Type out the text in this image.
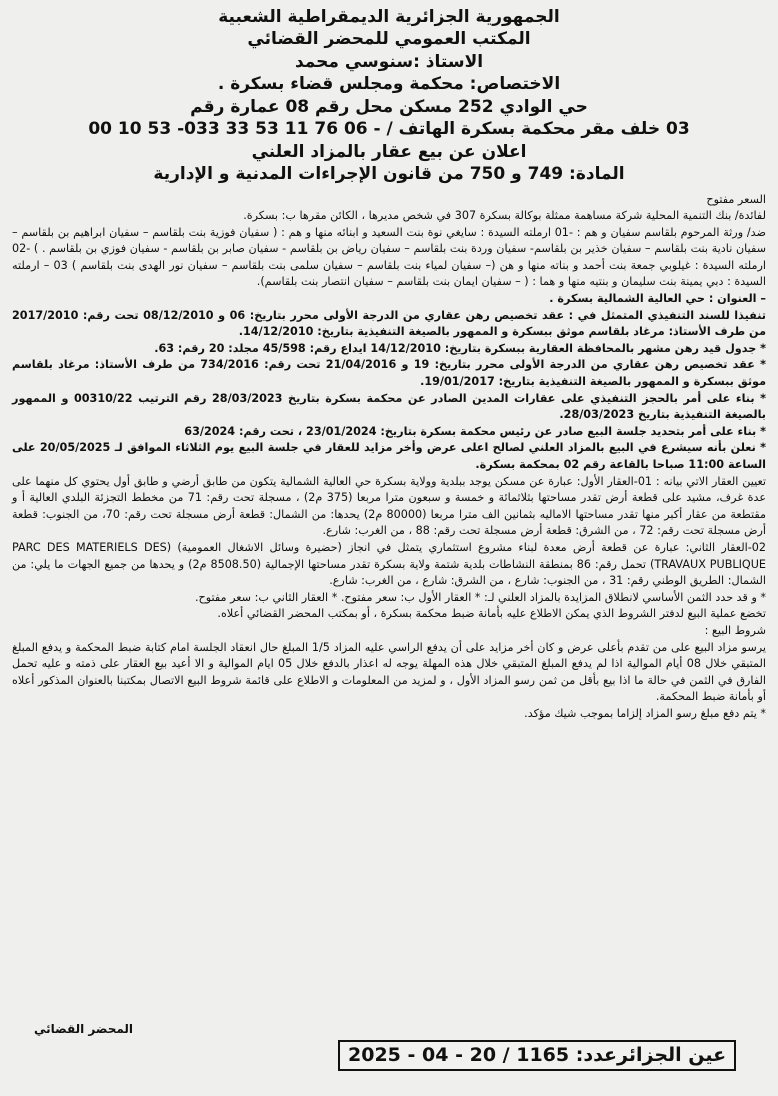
الجمهورية الجزائرية الديمقراطية الشعبية
المكتب العمومي للمحضر القضائي
الاستاذ :سنوسي محمد
الاختصاص: محكمة ومجلس قضاء بسكرة .
حي الوادي 252 مسكن محل رقم 08 عمارة رقم
03 خلف مقر محكمة بسكرة الهاتف / - 06 76 11 53 33 033- 53 10 00
اعلان عن بيع عقار بالمزاد العلني
المادة: 749 و 750 من قانون الإجراءات المدنية و الإدارية

السعر مفتوح

لفائدة/ بنك التنمية المحلية شركة مساهمة ممثلة بوكالة بسكرة 307 في شخص مديرها ، الكائن مقرها ب: بسكرة.

ضد/ ورثة المرحوم بلقاسم سفيان و هم : -01 ارملته السيدة : سايغي نوة بنت السعيد و ابنائه منها و هم : ( سفيان فوزية بنت بلقاسم – سفيان ابراهيم بن بلقاسم – سفيان نادية بنت بلقاسم – سفيان خذير بن بلقاسم- سفيان وردة بنت بلقاسم – سفيان رياض بن بلقاسم - سفيان صابر بن بلقاسم - سفيان فوزي بن بلقاسم . ) -02 ارملته السيدة : غيلوبي جمعة بنت أحمد و بناته منها و هن (– سفيان لمياء بنت بلقاسم – سفيان سلمى بنت بلقاسم – سفيان نور الهدى بنت بلقاسم ) 03 – ارملته السيدة : دبي يمينة بنت سليمان و بنتيه منها و هما : ( – سفيان ايمان بنت بلقاسم – سفيان انتصار بنت بلقاسم).

– العنوان : حي العالية الشمالية بسكرة .

تنفيذا للسند التنفيذي المتمثل في : عقد تخصيص رهن عقاري من الدرجة الأولى محرر بتاريخ: 06 و 08/12/2010 تحت رقم: 2017/2010 من طرف الأستاذ: مرغاد بلقاسم موثق ببسكرة و الممهور بالصيغة التنفيذية بتاريخ: 14/12/2010.

* جدول قيد رهن مشهر بالمحافظة العقارية ببسكرة بتاريخ: 14/12/2010 ايداع رقم: 45/598 مجلد: 20 رقم: 63.

* عقد تخصيص رهن عقاري من الدرجة الأولى محرر بتاريخ: 19 و 21/04/2016 تحت رقم: 734/2016 من طرف الأستاذ: مرغاد بلقاسم موثق ببسكرة و الممهور بالصيغة التنفيذية بتاريخ: 19/01/2017.

* بناء على أمر بالحجز التنفيذي على عقارات المدين الصادر عن محكمة بسكرة بتاريخ 28/03/2023 رقم الترتيب 00310/22 و الممهور بالصيغة التنفيذية بتاريخ 28/03/2023.

* بناء على أمر بتحديد جلسة البيع صادر عن رئيس محكمة بسكرة بتاريخ: 23/01/2024 ، تحت رقم: 63/2024

* نعلن بأنه سيشرع في البيع بالمزاد العلني لصالح اعلى عرض وأخر مزايد للعقار في جلسة البيع يوم الثلاثاء الموافق لـ 20/05/2025 على الساعة 11:00 صباحا بالقاعة رقم 02 بمحكمة بسكرة.

تعيين العقار الاتي بيانه : 01-العقار الأول: عبارة عن مسكن يوجد ببلدية وولاية بسكرة حي العالية الشمالية يتكون من طابق أرضي و طابق أول يحتوي كل منهما على عدة غرف، مشيد على قطعة أرض تقدر مساحتها بثلاثمائة و خمسة و سبعون مترا مربعا (375 م2) ، مسجلة تحت رقم: 71 من مخطط التجزئة البلدي العالية أ و مقتطعة من عقار أكبر منها تقدر مساحتها الاماليه بثمانين الف مترا مربعا (80000 م2) يحدها: من الشمال: قطعة أرض مسجلة تحت رقم: 70، من الجنوب: قطعة أرض مسجلة تحت رقم: 72 ، من الشرق: قطعة أرض مسجلة تحت رقم: 88 ، من الغرب: شارع.

02-العقار الثاني: عبارة عن قطعة أرض معدة لبناء مشروع استثماري يتمثل في انجاز (حضيرة وسائل الاشغال العمومية) (PARC DES MATERIELS DES TRAVAUX PUBLIQUE) تحمل رقم: 86 بمنطقة النشاطات بلدية شتمة ولاية بسكرة تقدر مساحتها الإجمالية (8508.50 م2) و يحدها من جميع الجهات ما يلي: من الشمال: الطريق الوطني رقم: 31 ، من الجنوب: شارع ، من الشرق: شارع ، من الغرب: شارع.

* و قد حدد الثمن الأساسي لانطلاق المزايدة بالمزاد العلني لـ: * العقار الأول ب: سعر مفتوح. * العقار الثاني ب: سعر مفتوح.

تخضع عملية البيع لدفتر الشروط الذي يمكن الاطلاع عليه بأمانة ضبط محكمة بسكرة ، أو بمكتب المحضر القضائي أعلاه.

شروط البيع :

يرسو مزاد البيع على من تقدم بأعلى عرض و كان أخر مزايد على أن يدفع الراسي عليه المزاد 1/5 المبلغ حال انعقاد الجلسة امام كتابة ضبط المحكمة و يدفع المبلغ المتبقي خلال 08 أيام الموالية اذا لم يدفع المبلغ المتبقي خلال هذه المهلة يوجه له اعذار بالدفع خلال 05 ايام الموالية و الا أعيد بيع العقار على ذمته و عليه تحمل الفارق في الثمن في حالة ما اذا بيع بأقل من ثمن رسو المزاد الأول ، و لمزيد من المعلومات و الاطلاع على قائمة شروط البيع الاتصال بمكتبنا بالعنوان المذكور أعلاه أو بأمانة ضبط المحكمة.

* يتم دفع مبلغ رسو المزاد إلزاما بموجب شيك مؤكد.

المحضر القضائي
عين الجزائرعدد: 1165 / 20 - 04 - 2025
